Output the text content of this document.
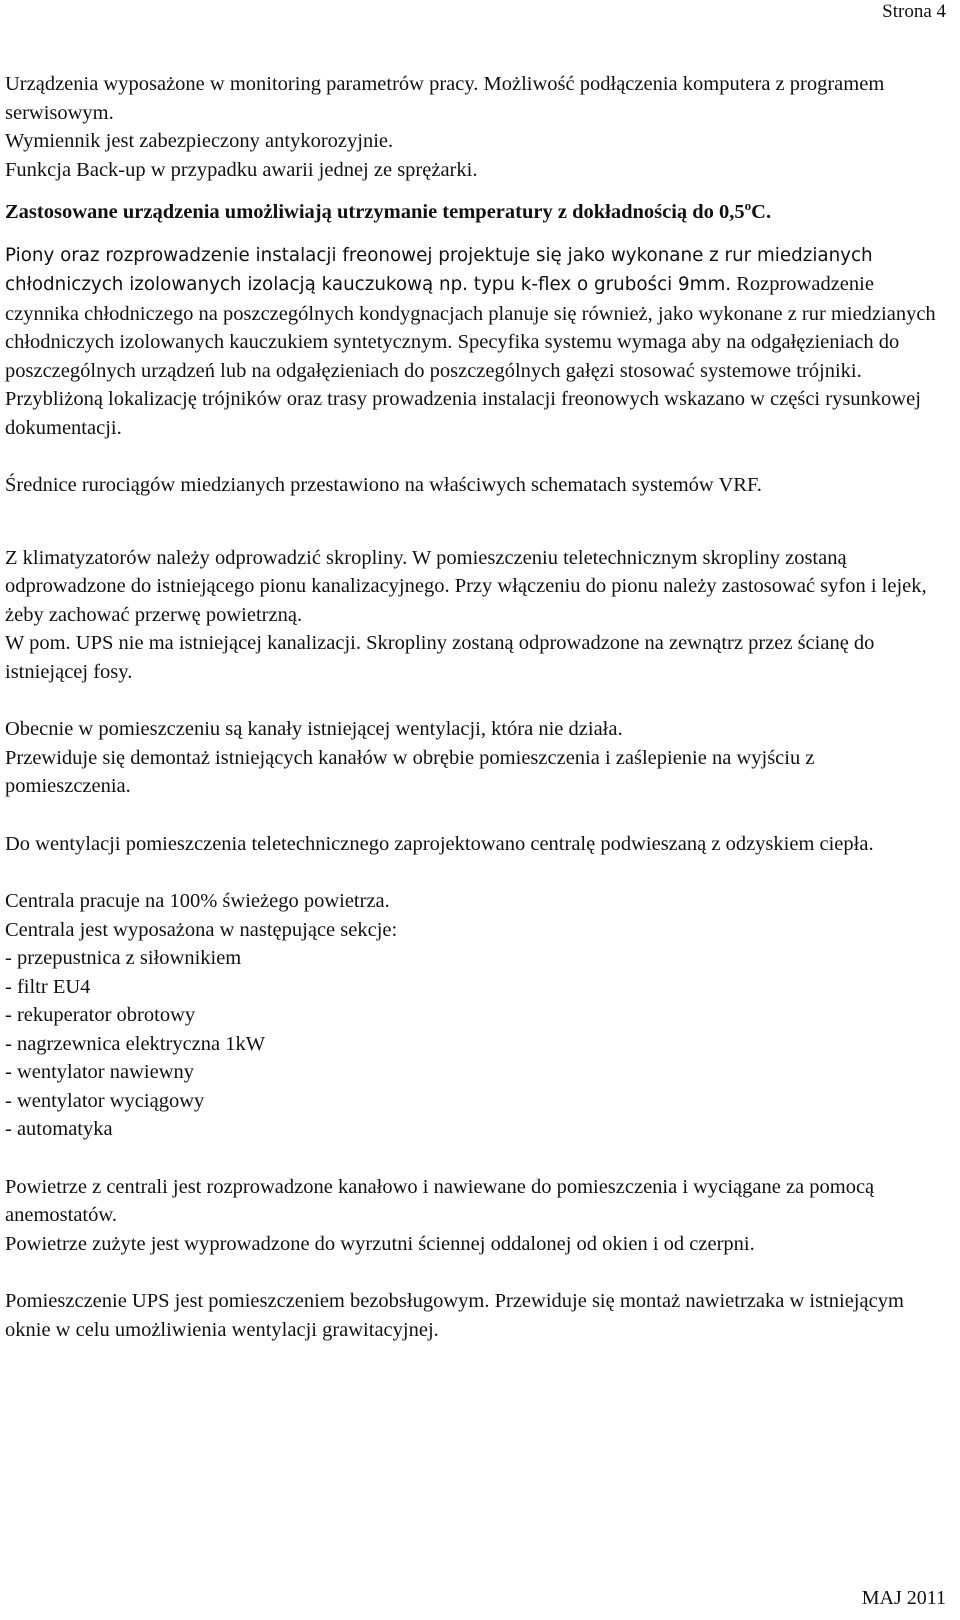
Strona 4

Urządzenia wyposażone w monitoring parametrów pracy. Możliwość podłączenia komputera z programem serwisowym.

Wymiennik jest zabezpieczony antykorozyjnie.

Funkcja Back-up w przypadku awarii jednej ze sprężarki.

Zastosowane urządzenia umożliwiają utrzymanie temperatury z dokładnością do 0,5$^o$C.

Piony oraz rozprowadzenie instalacji freonowej projektuje się jako wykonane z rur miedzianych chłodniczych izolowanych izolacją kauczukową np. typu k-flex o grubości 9mm. Rozprowadzenie czynnika chłodniczego na poszczególnych kondygnacjach planuje się również, jako wykonane z rur miedzianych chłodniczych izolowanych kauczukiem syntetycznym. Specyfika systemu wymaga aby na odgałęzieniach do poszczególnych urządzeń lub na odgałęzieniach do poszczególnych gałęzi stosować systemowe trójniki. Przybliżoną lokalizację trójników oraz trasy prowadzenia instalacji freonowych wskazano w części rysunkowej dokumentacji.

Średnice rurociągów miedzianych przestawiono na właściwych schematach systemów VRF.

Z klimatyzatorów należy odprowadzić skropliny. W pomieszczeniu teletechnicznym skropliny zostaną odprowadzone do istniejącego pionu kanalizacyjnego. Przy włączeniu do pionu należy zastosować syfon i lejek, żeby zachować przerwę powietrzną.

W pom. UPS nie ma istniejącej kanalizacji. Skropliny zostaną odprowadzone na zewnątrz przez ścianę do istniejącej fosy.

Obecnie w pomieszczeniu są kanały istniejącej wentylacji, która nie działa.

Przewiduje się demontaż istniejących kanałów w obrębie pomieszczenia i zaślepienie na wyjściu z pomieszczenia.

Do wentylacji pomieszczenia teletechnicznego zaprojektowano centralę podwieszaną z odzyskiem ciepła.

Centrala pracuje na 100% świeżego powietrza.

Centrala jest wyposażona w następujące sekcje:

- przepustnica z siłownikiem
- filtr EU4
- rekuperator obrotowy
- nagrzewnica elektryczna 1kW
- wentylator nawiewny
- wentylator wyciągowy
- automatyka

Powietrze z centrali jest rozprowadzone kanałowo i nawiewane do pomieszczenia i wyciągane za pomocą anemostatów.

Powietrze zużyte jest wyprowadzone do wyrzutni ściennej oddalonej od okien i od czerpni.

Pomieszczenie UPS jest pomieszczeniem bezobsługowym. Przewiduje się montaż nawietrzaka w istniejącym oknie w celu umożliwienia wentylacji grawitacyjnej.

MAJ 2011
